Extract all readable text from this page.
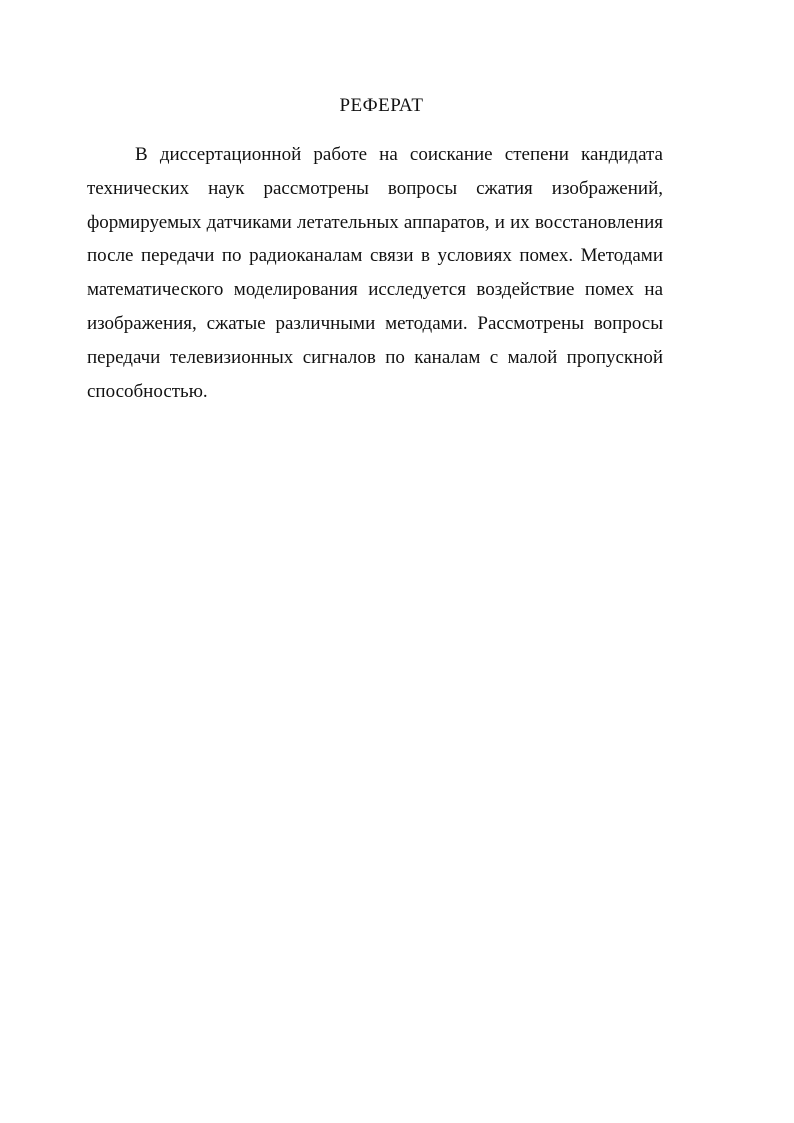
РЕФЕРАТ

В диссертационной работе на соискание степени кандидата технических наук рассмотрены вопросы сжатия изображений, формируемых датчиками летательных аппаратов, и их восстановления после передачи по радиоканалам связи в условиях помех. Методами математического моделирования исследуется воздействие помех на изображения, сжатые различными методами. Рассмотрены вопросы передачи телевизионных сигналов по каналам с малой пропускной способностью.
